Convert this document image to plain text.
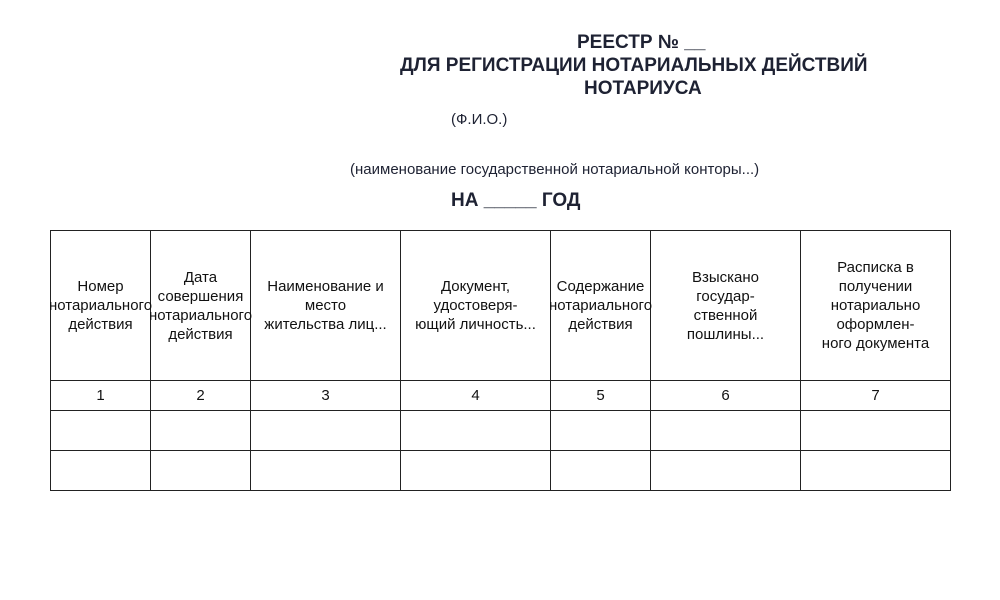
РЕЕСТР № __
ДЛЯ РЕГИСТРАЦИИ НОТАРИАЛЬНЫХ ДЕЙСТВИЙ
НОТАРИУСА
(Ф.И.О.)
(наименование государственной нотариальной конторы...)
НА _____ ГОД
Номер
нотариального
действия	Дата
совершения
нотариального
действия	Наименование и
место
жительства лиц...	Документ,
удостоверя-
ющий личность...	Содержание
нотариального
действия	Взыскано
государ-
ственной
пошлины...	Расписка в
получении
нотариально
оформлен-
ного документа

1	2	3	4	5	6	7
